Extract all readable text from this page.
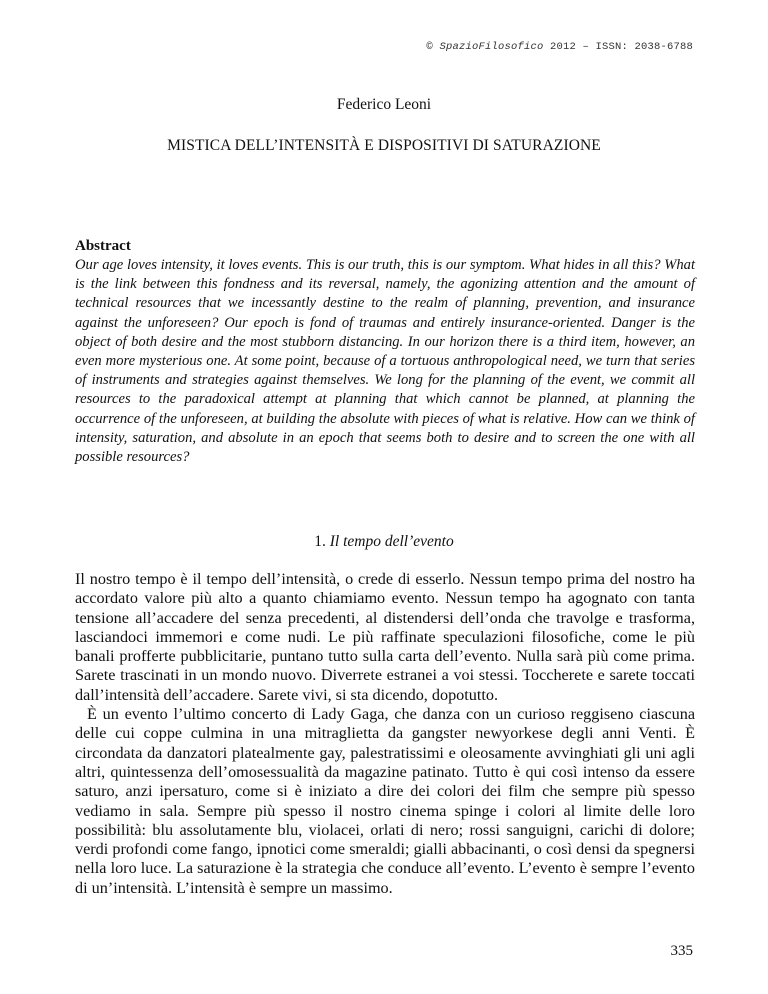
© SpazioFilosofico 2012 – ISSN: 2038-6788
Federico Leoni
MISTICA DELL’INTENSITÀ E DISPOSITIVI DI SATURAZIONE
Abstract

Our age loves intensity, it loves events. This is our truth, this is our symptom. What hides in all this? What is the link between this fondness and its reversal, namely, the agonizing attention and the amount of technical resources that we incessantly destine to the realm of planning, prevention, and insurance against the unforeseen? Our epoch is fond of traumas and entirely insurance-oriented. Danger is the object of both desire and the most stubborn distancing. In our horizon there is a third item, however, an even more mysterious one. At some point, because of a tortuous anthropological need, we turn that series of instruments and strategies against themselves. We long for the planning of the event, we commit all resources to the paradoxical attempt at planning that which cannot be planned, at planning the occurrence of the unforeseen, at building the absolute with pieces of what is relative. How can we think of intensity, saturation, and absolute in an epoch that seems both to desire and to screen the one with all possible resources?

1. Il tempo dell’evento

Il nostro tempo è il tempo dell’intensità, o crede di esserlo. Nessun tempo prima del nostro ha accordato valore più alto a quanto chiamiamo evento. Nessun tempo ha agognato con tanta tensione all’accadere del senza precedenti, al distendersi dell’onda che travolge e trasforma, lasciandoci immemori e come nudi. Le più raffinate speculazioni filosofiche, come le più banali profferte pubblicitarie, puntano tutto sulla carta dell’evento. Nulla sarà più come prima. Sarete trascinati in un mondo nuovo. Diverrete estranei a voi stessi. Toccherete e sarete toccati dall’intensità dell’accadere. Sarete vivi, si sta dicendo, dopotutto.

È un evento l’ultimo concerto di Lady Gaga, che danza con un curioso reggiseno ciascuna delle cui coppe culmina in una mitraglietta da gangster newyorkese degli anni Venti. È circondata da danzatori platealmente gay, palestratissimi e oleosamente avvinghiati gli uni agli altri, quintessenza dell’omosessualità da magazine patinato. Tutto è qui così intenso da essere saturo, anzi ipersaturo, come si è iniziato a dire dei colori dei film che sempre più spesso vediamo in sala. Sempre più spesso il nostro cinema spinge i colori al limite delle loro possibilità: blu assolutamente blu, violacei, orlati di nero; rossi sanguigni, carichi di dolore; verdi profondi come fango, ipnotici come smeraldi; gialli abbacinanti, o così densi da spegnersi nella loro luce. La saturazione è la strategia che conduce all’evento. L’evento è sempre l’evento di un’intensità. L’intensità è sempre un massimo.

335
